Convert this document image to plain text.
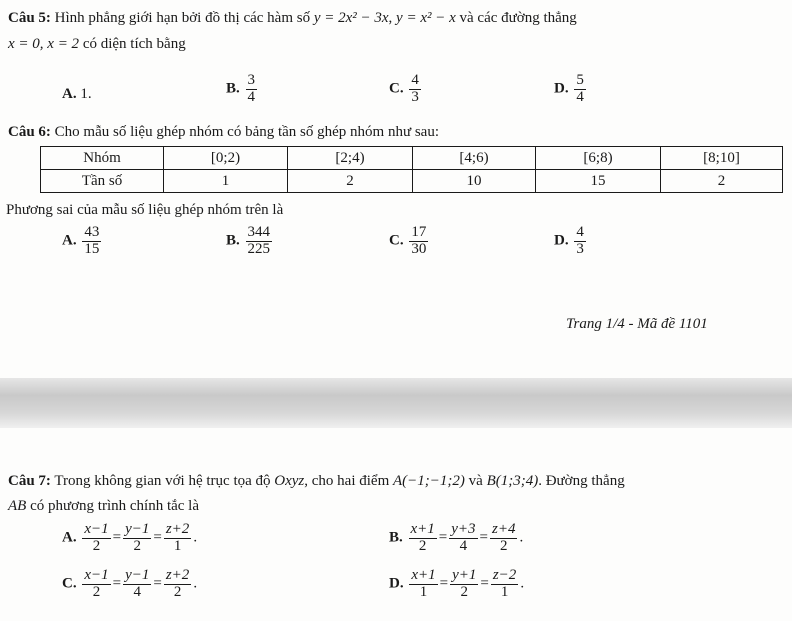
Câu 5: Hình phẳng giới hạn bởi đồ thị các hàm số y = 2x² − 3x, y = x² − x và các đường thẳng
x = 0, x = 2 có diện tích bằng
A. 1.	B. $\frac{3}{4}$	C. $\frac{4}{3}$	D. $\frac{5}{4}$
Câu 6: Cho mẫu số liệu ghép nhóm có bảng tần số ghép nhóm như sau:
Nhóm	[0;2)	[2;4)	[4;6)	[6;8)	[8;10]
Tần số	1	2	10	15	2
Phương sai của mẫu số liệu ghép nhóm trên là
A. $\frac{43}{15}$	B. $\frac{344}{225}$	C. $\frac{17}{30}$	D. $\frac{4}{3}$
Trang 1/4 - Mã đề 1101
Câu 7: Trong không gian với hệ trục tọa độ Oxyz, cho hai điểm A(−1;−1;2) và B(1;3;4). Đường thẳng
AB có phương trình chính tắc là
A. $\frac{x-1}{2} = \frac{y-1}{2} = \frac{z+2}{1}$ .	B. $\frac{x+1}{2} = \frac{y+3}{4} = \frac{z+4}{2}$ .
C. $\frac{x-1}{2} = \frac{y-1}{4} = \frac{z+2}{2}$ .	D. $\frac{x+1}{1} = \frac{y+1}{2} = \frac{z-2}{1}$ .
